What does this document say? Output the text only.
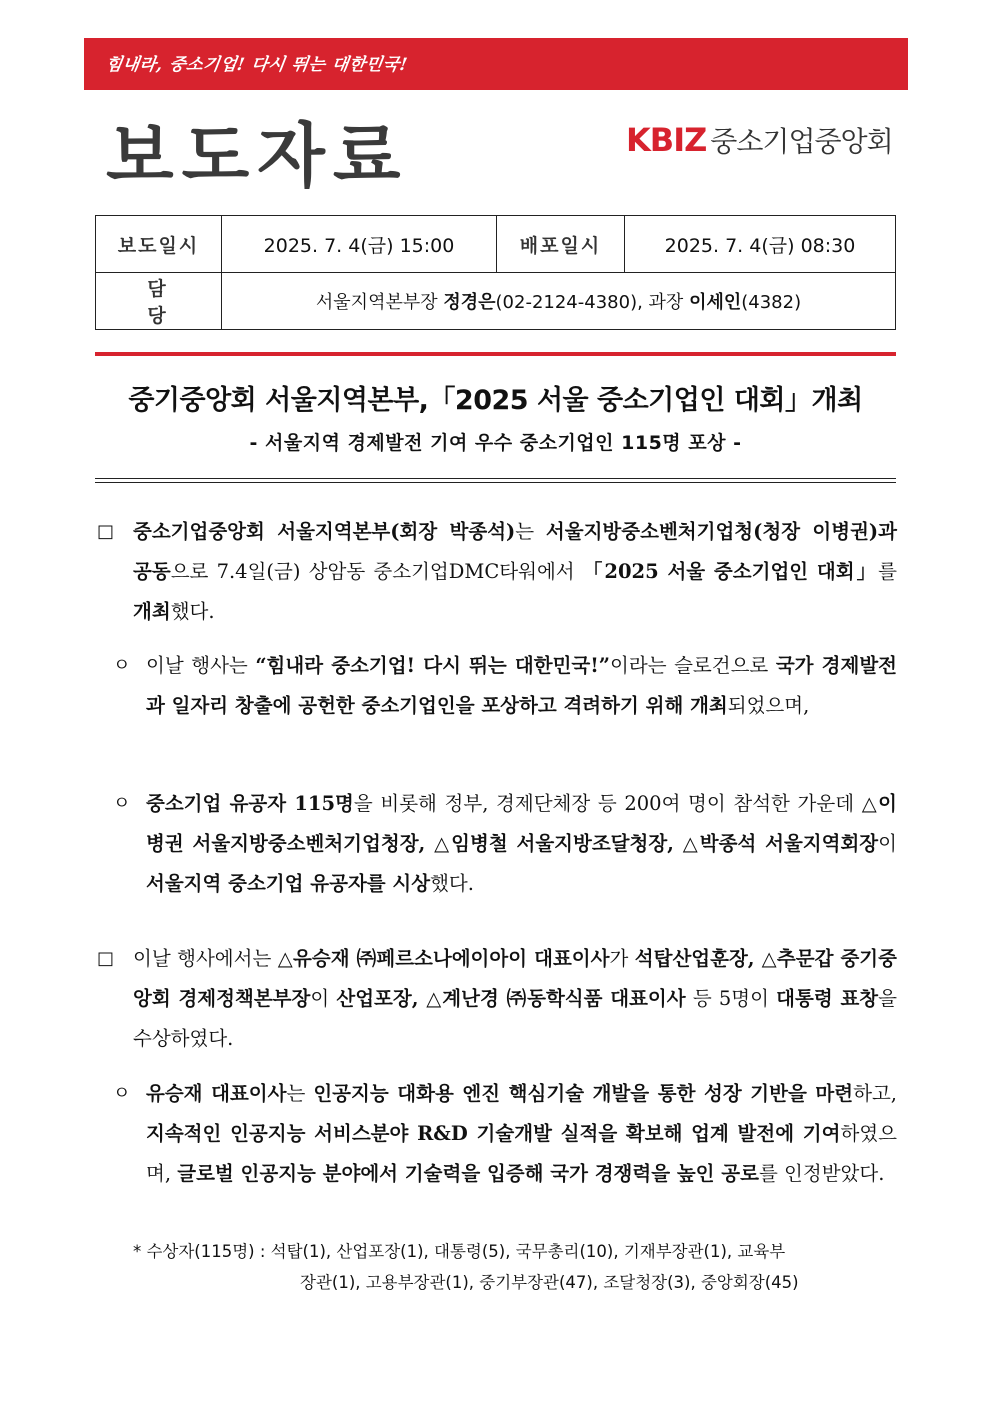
힘내라, 중소기업! 다시 뛰는 대한민국!
보도자료	KBIZ 중소기업중앙회
보도일시	2025. 7. 4(금) 15:00	배포일시	2025. 7. 4(금) 08:30
담 당	서울지역본부장 정경은(02-2124-4380), 과장 이세인(4382)		
중기중앙회 서울지역본부,「2025 서울 중소기업인 대회」개최
- 서울지역 경제발전 기여 우수 중소기업인 115명 포상 -
□ 중소기업중앙회 서울지역본부(회장 박종석)는 서울지방중소벤처기업청(청장 이병권)과 공동으로 7.4일(금) 상암동 중소기업DMC타워에서 「2025 서울 중소기업인 대회」를 개최했다.
ㅇ 이날 행사는 “힘내라 중소기업! 다시 뛰는 대한민국!”이라는 슬로건으로 국가 경제발전과 일자리 창출에 공헌한 중소기업인을 포상하고 격려하기 위해 개최되었으며,
ㅇ 중소기업 유공자 115명을 비롯해 정부, 경제단체장 등 200여 명이 참석한 가운데 △이병권 서울지방중소벤처기업청장, △임병철 서울지방조달청장, △박종석 서울지역회장이 서울지역 중소기업 유공자를 시상했다.
□ 이날 행사에서는 △유승재 ㈜페르소나에이아이 대표이사가 석탑산업훈장, △추문갑 중기중앙회 경제정책본부장이 산업포장, △계난경 ㈜동학식품 대표이사 등 5명이 대통령 표창을 수상하였다.
ㅇ 유승재 대표이사는 인공지능 대화용 엔진 핵심기술 개발을 통한 성장 기반을 마련하고, 지속적인 인공지능 서비스분야 R&D 기술개발 실적을 확보해 업계 발전에 기여하였으며, 글로벌 인공지능 분야에서 기술력을 입증해 국가 경쟁력을 높인 공로를 인정받았다.
* 수상자(115명) : 석탑(1), 산업포장(1), 대통령(5), 국무총리(10), 기재부장관(1), 교육부
장관(1), 고용부장관(1), 중기부장관(47), 조달청장(3), 중앙회장(45)
